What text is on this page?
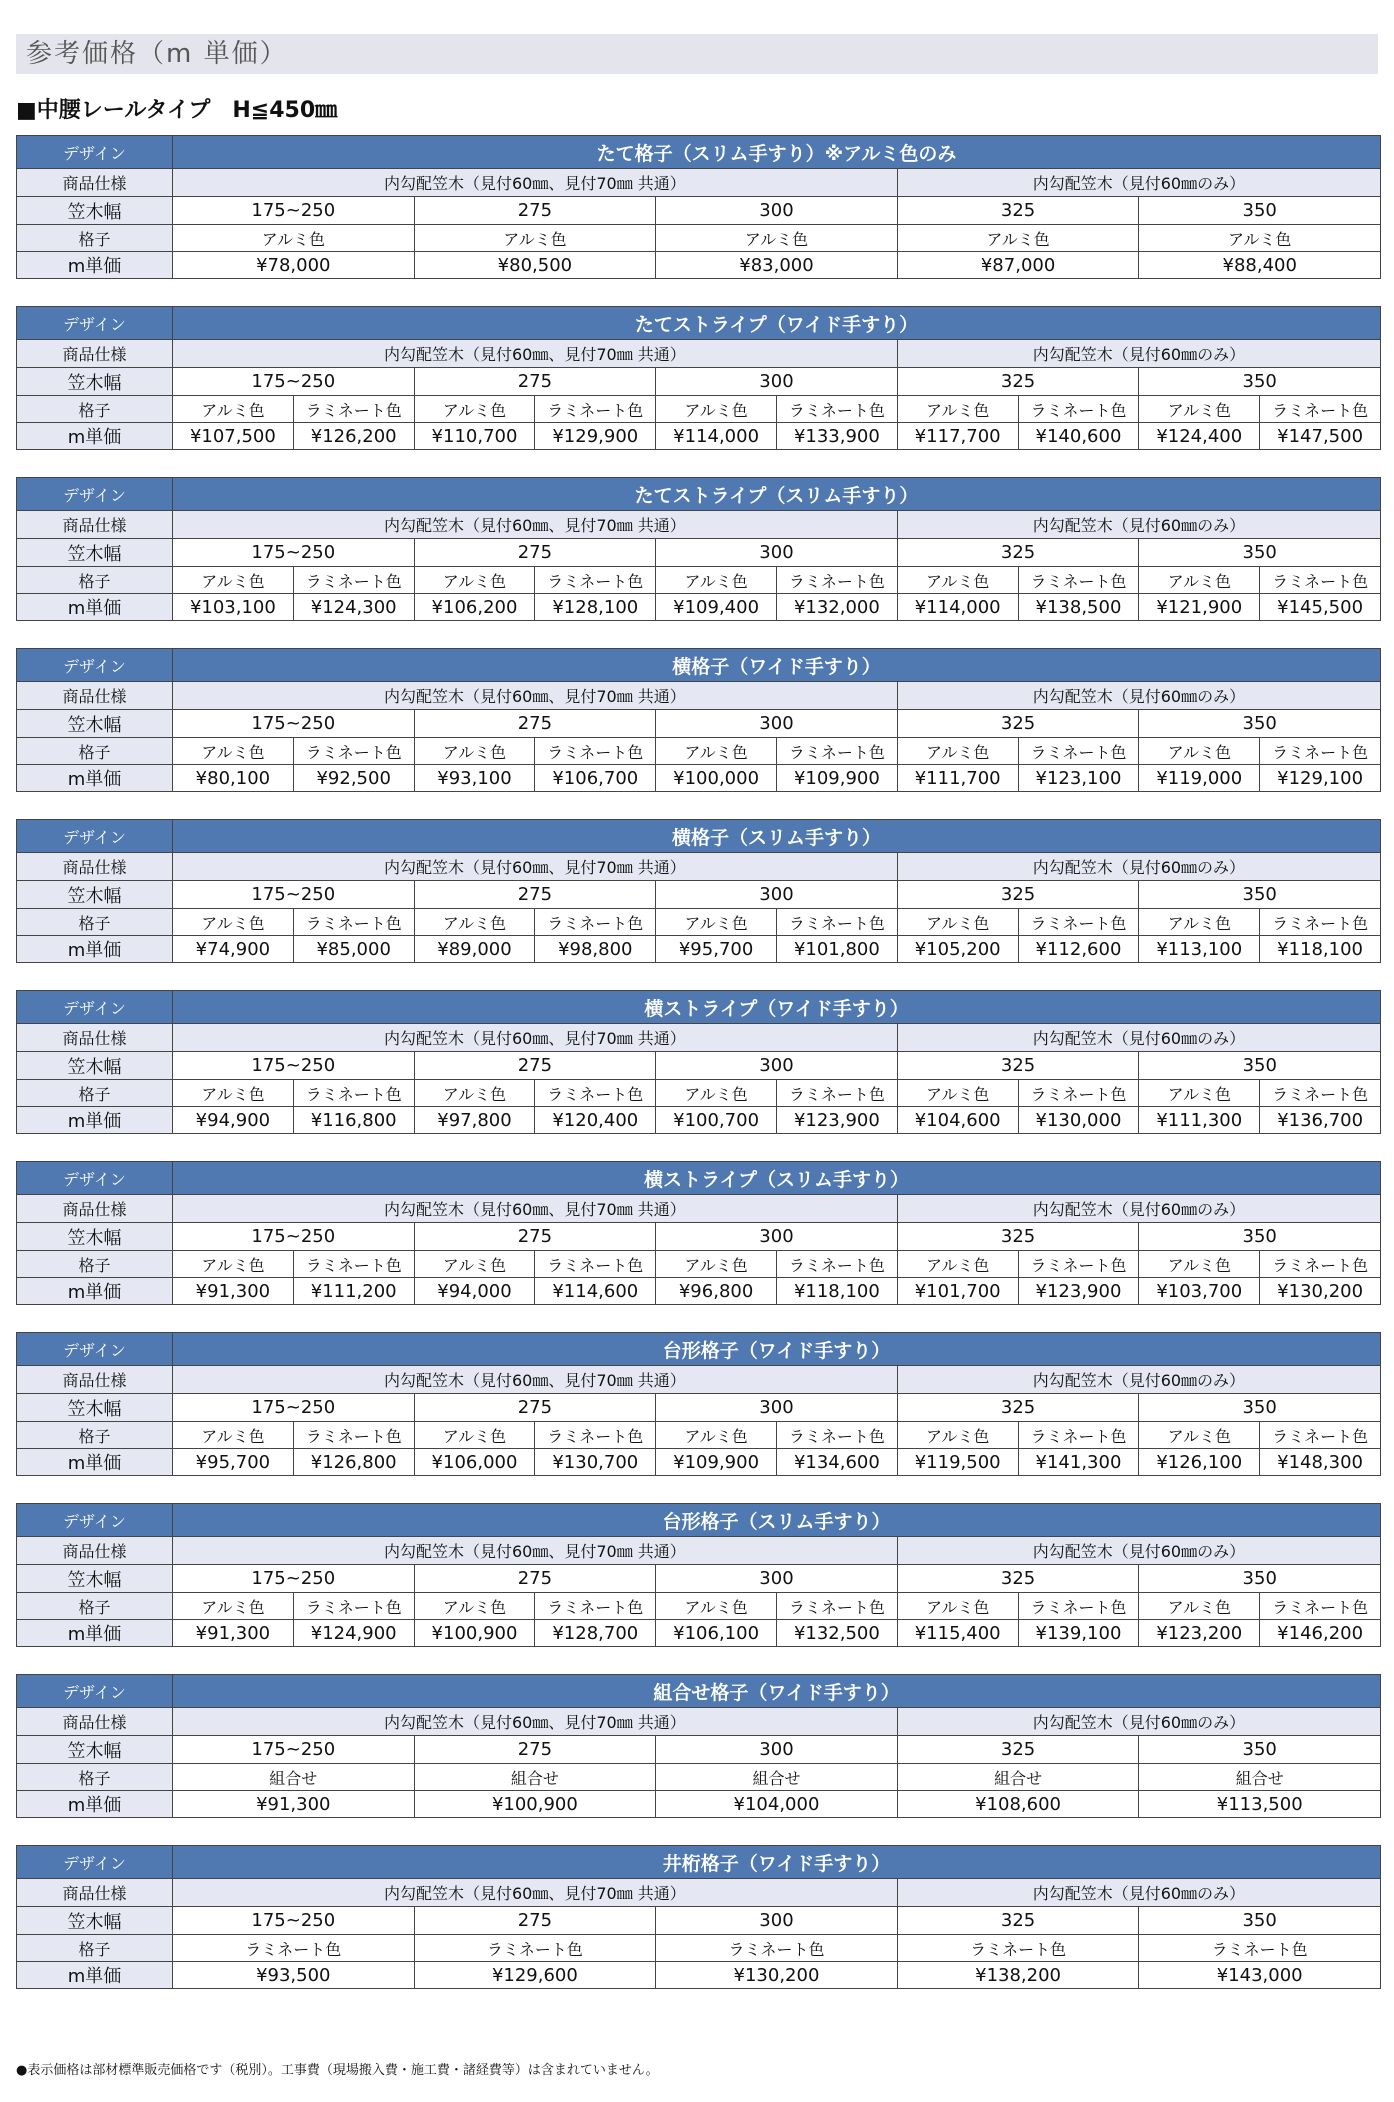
参考価格（m 単価）
■中腰レールタイプ　H≦450㎜
デザイン	たて格子（スリム手すり）※アルミ色のみ				
商品仕様	内勾配笠木（見付60㎜、見付70㎜ 共通）			内勾配笠木（見付60㎜のみ）	
笠木幅	175~250	275	300	325	350
格子	アルミ色	アルミ色	アルミ色	アルミ色	アルミ色
m単価	¥78,000	¥80,500	¥83,000	¥87,000	¥88,400
デザイン	たてストライプ（ワイド手すり）									
商品仕様	内勾配笠木（見付60㎜、見付70㎜ 共通）						内勾配笠木（見付60㎜のみ）			
笠木幅	175~250		275		300		325		350	
格子	アルミ色	ラミネート色	アルミ色	ラミネート色	アルミ色	ラミネート色	アルミ色	ラミネート色	アルミ色	ラミネート色
m単価	¥107,500	¥126,200	¥110,700	¥129,900	¥114,000	¥133,900	¥117,700	¥140,600	¥124,400	¥147,500
デザイン	たてストライプ（スリム手すり）									
商品仕様	内勾配笠木（見付60㎜、見付70㎜ 共通）						内勾配笠木（見付60㎜のみ）			
笠木幅	175~250		275		300		325		350	
格子	アルミ色	ラミネート色	アルミ色	ラミネート色	アルミ色	ラミネート色	アルミ色	ラミネート色	アルミ色	ラミネート色
m単価	¥103,100	¥124,300	¥106,200	¥128,100	¥109,400	¥132,000	¥114,000	¥138,500	¥121,900	¥145,500
デザイン	横格子（ワイド手すり）									
商品仕様	内勾配笠木（見付60㎜、見付70㎜ 共通）						内勾配笠木（見付60㎜のみ）			
笠木幅	175~250		275		300		325		350	
格子	アルミ色	ラミネート色	アルミ色	ラミネート色	アルミ色	ラミネート色	アルミ色	ラミネート色	アルミ色	ラミネート色
m単価	¥80,100	¥92,500	¥93,100	¥106,700	¥100,000	¥109,900	¥111,700	¥123,100	¥119,000	¥129,100
デザイン	横格子（スリム手すり）									
商品仕様	内勾配笠木（見付60㎜、見付70㎜ 共通）						内勾配笠木（見付60㎜のみ）			
笠木幅	175~250		275		300		325		350	
格子	アルミ色	ラミネート色	アルミ色	ラミネート色	アルミ色	ラミネート色	アルミ色	ラミネート色	アルミ色	ラミネート色
m単価	¥74,900	¥85,000	¥89,000	¥98,800	¥95,700	¥101,800	¥105,200	¥112,600	¥113,100	¥118,100
デザイン	横ストライプ（ワイド手すり）									
商品仕様	内勾配笠木（見付60㎜、見付70㎜ 共通）						内勾配笠木（見付60㎜のみ）			
笠木幅	175~250		275		300		325		350	
格子	アルミ色	ラミネート色	アルミ色	ラミネート色	アルミ色	ラミネート色	アルミ色	ラミネート色	アルミ色	ラミネート色
m単価	¥94,900	¥116,800	¥97,800	¥120,400	¥100,700	¥123,900	¥104,600	¥130,000	¥111,300	¥136,700
デザイン	横ストライプ（スリム手すり）									
商品仕様	内勾配笠木（見付60㎜、見付70㎜ 共通）						内勾配笠木（見付60㎜のみ）			
笠木幅	175~250		275		300		325		350	
格子	アルミ色	ラミネート色	アルミ色	ラミネート色	アルミ色	ラミネート色	アルミ色	ラミネート色	アルミ色	ラミネート色
m単価	¥91,300	¥111,200	¥94,000	¥114,600	¥96,800	¥118,100	¥101,700	¥123,900	¥103,700	¥130,200
デザイン	台形格子（ワイド手すり）									
商品仕様	内勾配笠木（見付60㎜、見付70㎜ 共通）						内勾配笠木（見付60㎜のみ）			
笠木幅	175~250		275		300		325		350	
格子	アルミ色	ラミネート色	アルミ色	ラミネート色	アルミ色	ラミネート色	アルミ色	ラミネート色	アルミ色	ラミネート色
m単価	¥95,700	¥126,800	¥106,000	¥130,700	¥109,900	¥134,600	¥119,500	¥141,300	¥126,100	¥148,300
デザイン	台形格子（スリム手すり）									
商品仕様	内勾配笠木（見付60㎜、見付70㎜ 共通）						内勾配笠木（見付60㎜のみ）			
笠木幅	175~250		275		300		325		350	
格子	アルミ色	ラミネート色	アルミ色	ラミネート色	アルミ色	ラミネート色	アルミ色	ラミネート色	アルミ色	ラミネート色
m単価	¥91,300	¥124,900	¥100,900	¥128,700	¥106,100	¥132,500	¥115,400	¥139,100	¥123,200	¥146,200
デザイン	組合せ格子（ワイド手すり）				
商品仕様	内勾配笠木（見付60㎜、見付70㎜ 共通）			内勾配笠木（見付60㎜のみ）	
笠木幅	175~250	275	300	325	350
格子	組合せ	組合せ	組合せ	組合せ	組合せ
m単価	¥91,300	¥100,900	¥104,000	¥108,600	¥113,500
デザイン	井桁格子（ワイド手すり）				
商品仕様	内勾配笠木（見付60㎜、見付70㎜ 共通）			内勾配笠木（見付60㎜のみ）	
笠木幅	175~250	275	300	325	350
格子	ラミネート色	ラミネート色	ラミネート色	ラミネート色	ラミネート色
m単価	¥93,500	¥129,600	¥130,200	¥138,200	¥143,000
●表示価格は部材標準販売価格です（税別）。工事費（現場搬入費・施工費・諸経費等）は含まれていません。
